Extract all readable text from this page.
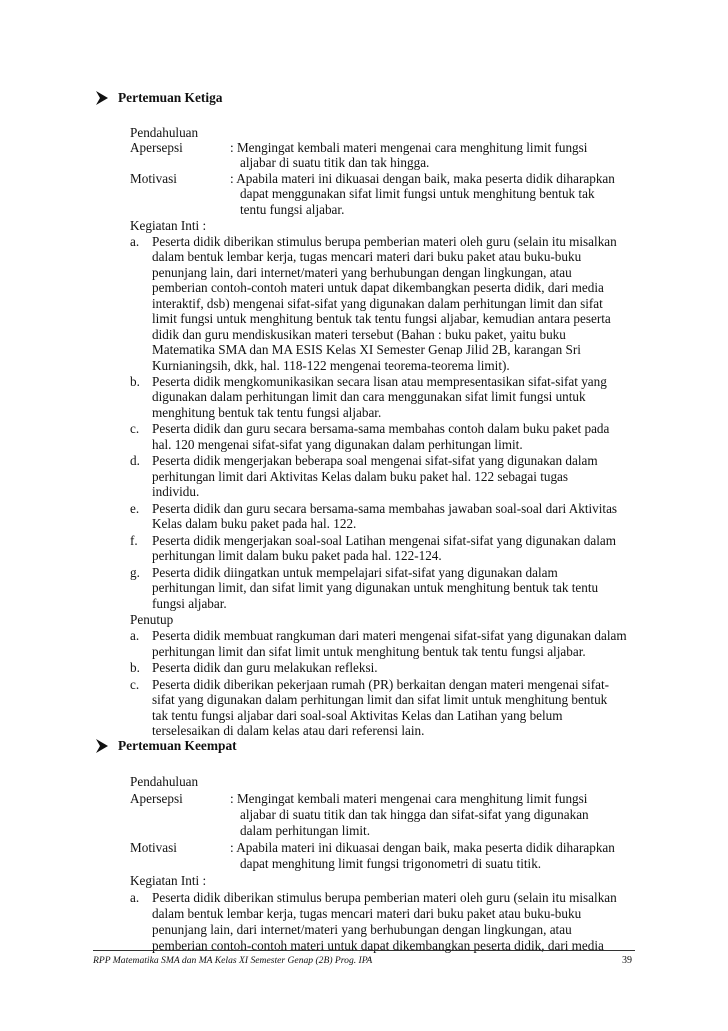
Pertemuan Ketiga
Pendahuluan
Apersepsi	: Mengingat kembali materi mengenai cara menghitung limit fungsi
aljabar di suatu titik dan tak hingga.
Motivasi	: Apabila materi ini dikuasai dengan baik, maka peserta didik diharapkan
dapat menggunakan sifat limit fungsi untuk menghitung bentuk tak
tentu fungsi aljabar.
Kegiatan Inti :
a. Peserta didik diberikan stimulus berupa pemberian materi oleh guru (selain itu misalkan
dalam bentuk lembar kerja, tugas mencari materi dari buku paket atau buku-buku
penunjang lain, dari internet/materi yang berhubungan dengan lingkungan, atau
pemberian contoh-contoh materi untuk dapat dikembangkan peserta didik, dari media
interaktif, dsb) mengenai sifat-sifat yang digunakan dalam perhitungan limit dan sifat
limit fungsi untuk menghitung bentuk tak tentu fungsi aljabar, kemudian antara peserta
didik dan guru mendiskusikan materi tersebut (Bahan : buku paket, yaitu buku
Matematika SMA dan MA ESIS Kelas XI Semester Genap Jilid 2B, karangan Sri
Kurnianingsih, dkk, hal. 118-122 mengenai teorema-teorema limit).
b. Peserta didik mengkomunikasikan secara lisan atau mempresentasikan sifat-sifat yang
digunakan dalam perhitungan limit dan cara menggunakan sifat limit fungsi untuk
menghitung bentuk tak tentu fungsi aljabar.
c. Peserta didik dan guru secara bersama-sama membahas contoh dalam buku paket pada
hal. 120 mengenai sifat-sifat yang digunakan dalam perhitungan limit.
d. Peserta didik mengerjakan beberapa soal mengenai sifat-sifat yang digunakan dalam
perhitungan limit dari Aktivitas Kelas dalam buku paket hal. 122 sebagai tugas
individu.
e. Peserta didik dan guru secara bersama-sama membahas jawaban soal-soal dari Aktivitas
Kelas dalam buku paket pada hal. 122.
f. Peserta didik mengerjakan soal-soal Latihan mengenai sifat-sifat yang digunakan dalam
perhitungan limit dalam buku paket pada hal. 122-124.
g. Peserta didik diingatkan untuk mempelajari sifat-sifat yang digunakan dalam
perhitungan limit, dan sifat limit yang digunakan untuk menghitung bentuk tak tentu
fungsi aljabar.
Penutup
a. Peserta didik membuat rangkuman dari materi mengenai sifat-sifat yang digunakan dalam
perhitungan limit dan sifat limit untuk menghitung bentuk tak tentu fungsi aljabar.
b. Peserta didik dan guru melakukan refleksi.
c. Peserta didik diberikan pekerjaan rumah (PR) berkaitan dengan materi mengenai sifat-
sifat yang digunakan dalam perhitungan limit dan sifat limit untuk menghitung bentuk
tak tentu fungsi aljabar dari soal-soal Aktivitas Kelas dan Latihan yang belum
terselesaikan di dalam kelas atau dari referensi lain.
Pertemuan Keempat
Pendahuluan
Apersepsi	: Mengingat kembali materi mengenai cara menghitung limit fungsi
aljabar di suatu titik dan tak hingga dan sifat-sifat yang digunakan
dalam perhitungan limit.
Motivasi	: Apabila materi ini dikuasai dengan baik, maka peserta didik diharapkan
dapat menghitung limit fungsi trigonometri di suatu titik.
Kegiatan Inti :
a. Peserta didik diberikan stimulus berupa pemberian materi oleh guru (selain itu misalkan
dalam bentuk lembar kerja, tugas mencari materi dari buku paket atau buku-buku
penunjang lain, dari internet/materi yang berhubungan dengan lingkungan, atau
pemberian contoh-contoh materi untuk dapat dikembangkan peserta didik, dari media
RPP Matematika SMA dan MA Kelas XI Semester Genap (2B) Prog. IPA	39
